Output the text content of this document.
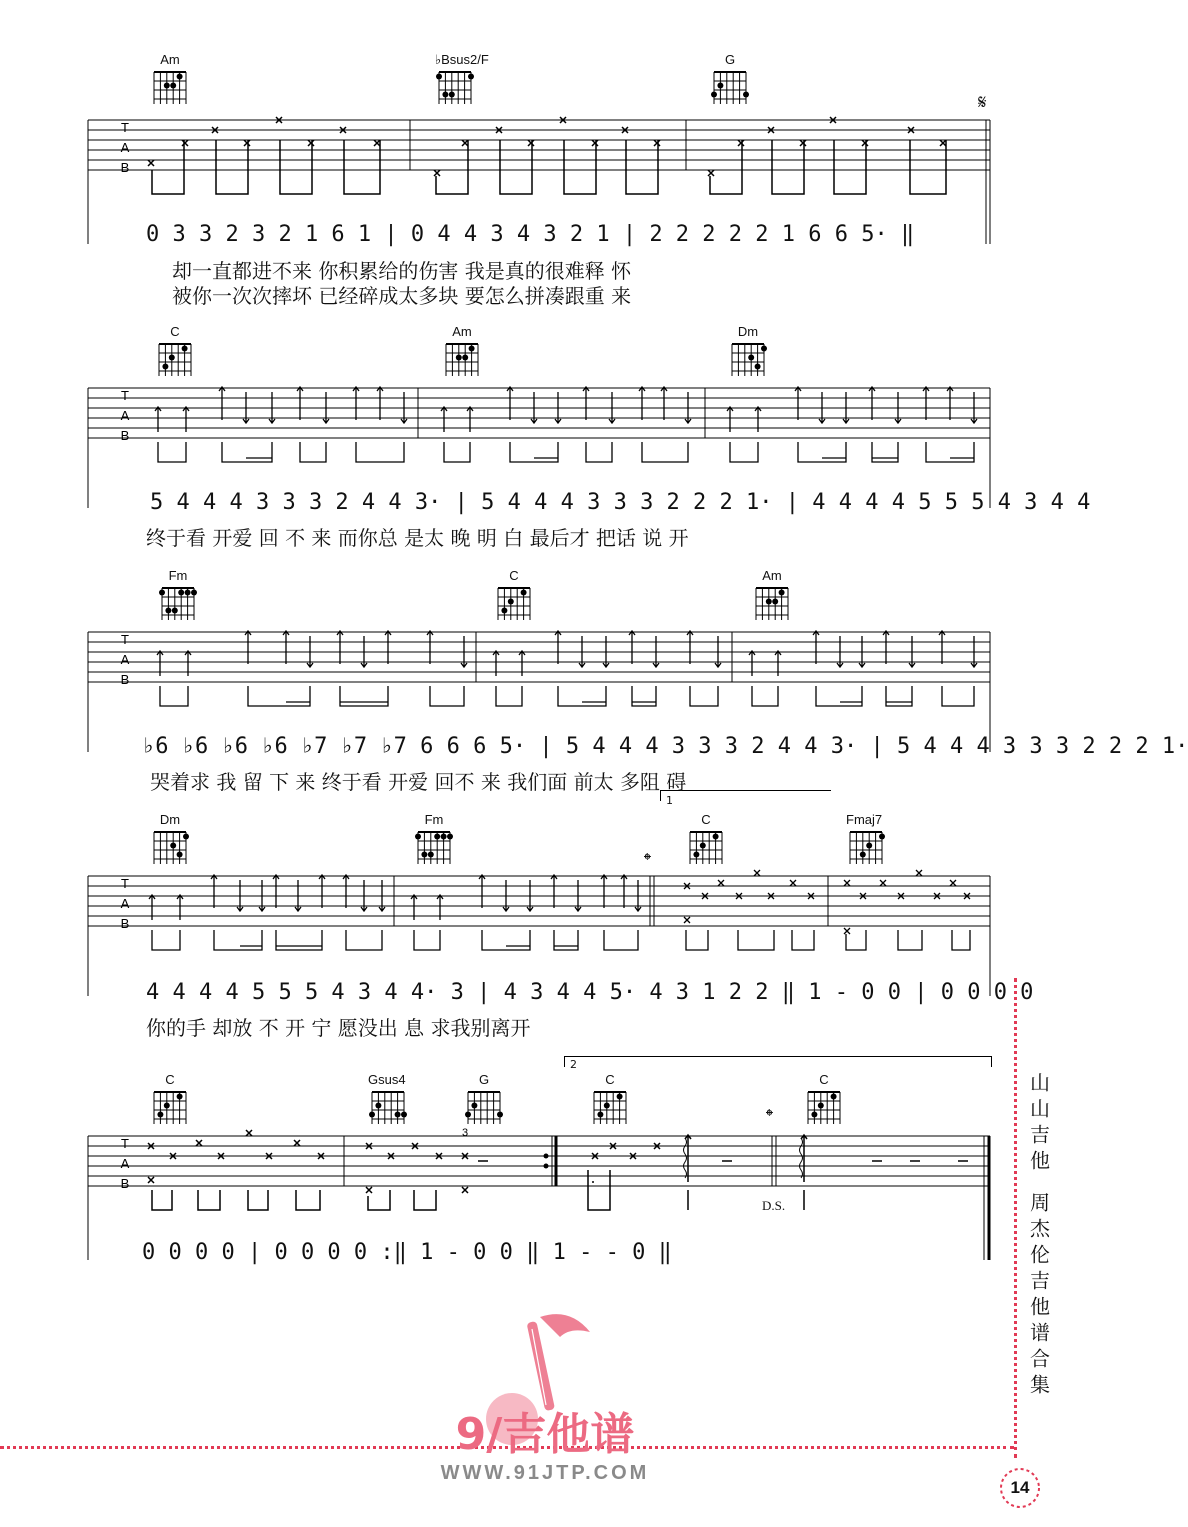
Am	♭Bsus2/F	G
𝄋
T
A
B
0 3 3 2 3 2 1 6 1 | 0 4 4 3 4 3 2 1 | 2 2 2 2 2 1 6 6 5· ‖
却一直都进不来 你积累给的伤害 我是真的很难释 怀
被你一次次摔坏 已经碎成太多块 要怎么拼凑跟重 来
C	Am	Dm
T
A
B
5 4 4 4 3 3 3 2 4 4 3· | 5 4 4 4 3 3 3 2 2 2 1· | 4 4 4 4 5 5 5 4 3 4 4
终于看 开爱 回 不 来 而你总 是太 晚 明 白 最后才 把话 说 开
Fm	C	Am
T
A
B
♭6 ♭6 ♭6 ♭6 ♭7 ♭7 ♭7 6 6 6 5· | 5 4 4 4 3 3 3 2 4 4 3· | 5 4 4 4 3 3 3 2 2 2 1·
1
哭着求 我 留 下 来 终于看 开爱 回不 来 我们面 前太 多阻 碍
Dm	Fm	C	Fmaj7
𝄌
T
A
B
4 4 4 4 5 5 5 4 3 4 4· 3 | 4 3 4 4 5· 4 3 1 2 2 ‖ 1 - 0 0 | 0 0 0 0
你的手 却放 不 开 宁 愿没出 息 求我别离开
2
C	Gsus4	G	C
𝄌
C
T
A
B
3
D.S.
0 0 0 0 | 0 0 0 0 :‖ 1 - 0 0 ‖ 1 - - 0 ‖
山山吉他
周杰伦吉他谱合集
9/吉他谱
WWW.91JTP.COM
14
